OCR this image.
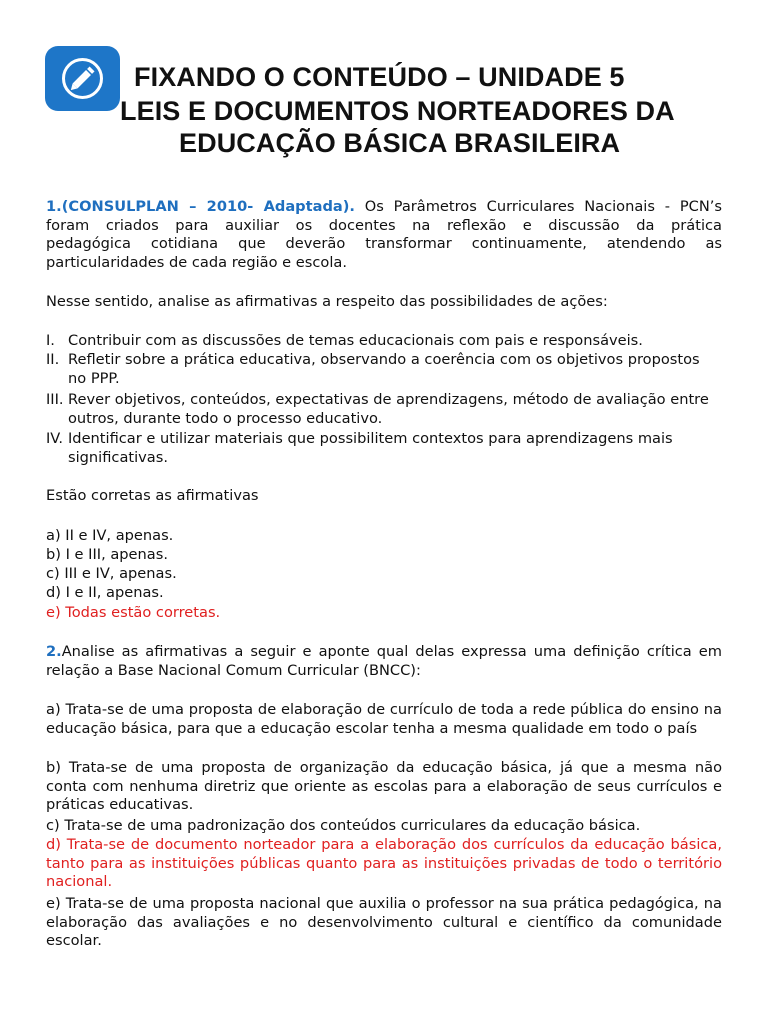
FIXANDO O CONTEÚDO – UNIDADE 5
LEIS E DOCUMENTOS NORTEADORES DA
EDUCAÇÃO BÁSICA BRASILEIRA

1.(CONSULPLAN – 2010- Adaptada). Os Parâmetros Curriculares Nacionais - PCN’s

foram criados para auxiliar os docentes na reflexão e discussão da prática

pedagógica cotidiana que deverão transformar continuamente, atendendo as

particularidades de cada região e escola.

Nesse sentido, analise as afirmativas a respeito das possibilidades de ações:
I. Contribuir com as discussões de temas educacionais com pais e responsáveis.
II. Refletir sobre a prática educativa, observando a coerência com os objetivos propostos no PPP.
III. Rever objetivos, conteúdos, expectativas de aprendizagens, método de avaliação entre outros, durante todo o processo educativo.
IV. Identificar e utilizar materiais que possibilitem contextos para aprendizagens mais significativas.
Estão corretas as afirmativas
a) II e IV, apenas.
b) I e III, apenas.
c) III e IV, apenas.
d) I e II, apenas.
e) Todas estão corretas.

2.Analise as afirmativas a seguir e aponte qual delas expressa uma definição crítica em relação a Base Nacional Comum Curricular (BNCC):

a) Trata-se de uma proposta de elaboração de currículo de toda a rede pública do ensino na educação básica, para que a educação escolar tenha a mesma qualidade em todo o país

b) Trata-se de uma proposta de organização da educação básica, já que a mesma não conta com nenhuma diretriz que oriente as escolas para a elaboração de seus currículos e práticas educativas.

c) Trata-se de uma padronização dos conteúdos curriculares da educação básica.

d) Trata-se de documento norteador para a elaboração dos currículos da educação básica, tanto para as instituições públicas quanto para as instituições privadas de todo o território nacional.

e) Trata-se de uma proposta nacional que auxilia o professor na sua prática pedagógica, na elaboração das avaliações e no desenvolvimento cultural e científico da comunidade escolar.
